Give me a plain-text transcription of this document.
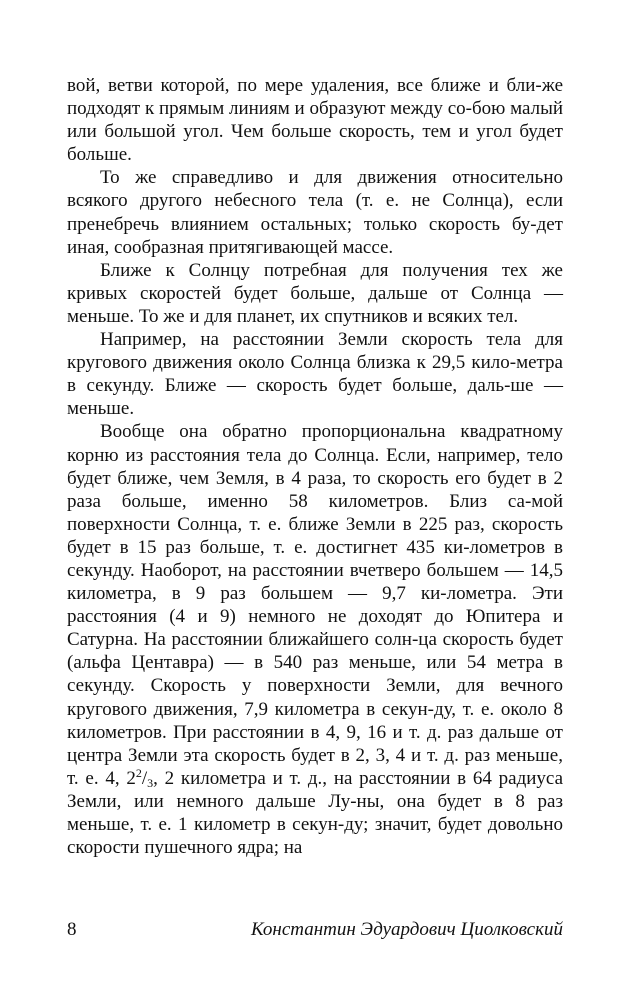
вой, ветви которой, по мере удаления, все ближе и бли-же подходят к прямым линиям и образуют между со-бою малый или большой угол. Чем больше скорость, тем и угол будет больше.

То же справедливо и для движения относительно всякого другого небесного тела (т. е. не Солнца), если пренебречь влиянием остальных; только скорость бу-дет иная, сообразная притягивающей массе.

Ближе к Солнцу потребная для получения тех же кривых скоростей будет больше, дальше от Солнца — меньше. То же и для планет, их спутников и всяких тел.

Например, на расстоянии Земли скорость тела для кругового движения около Солнца близка к 29,5 кило-метра в секунду. Ближе — скорость будет больше, даль-ше — меньше.

Вообще она обратно пропорциональна квадратному корню из расстояния тела до Солнца. Если, например, тело будет ближе, чем Земля, в 4 раза, то скорость его будет в 2 раза больше, именно 58 километров. Близ са-мой поверхности Солнца, т. е. ближе Земли в 225 раз, скорость будет в 15 раз больше, т. е. достигнет 435 ки-лометров в секунду. Наоборот, на расстоянии вчетверо большем — 14,5 километра, в 9 раз большем — 9,7 ки-лометра. Эти расстояния (4 и 9) немного не доходят до Юпитера и Сатурна. На расстоянии ближайшего солн-ца скорость будет (альфа Центавра) — в 540 раз меньше, или 54 метра в секунду. Скорость у поверхности Земли, для вечного кругового движения, 7,9 километра в секун-ду, т. е. около 8 километров. При расстоянии в 4, 9, 16 и т. д. раз дальше от центра Земли эта скорость будет в 2, 3, 4 и т. д. раз меньше, т. е. 4, $2^2/_3$, 2 километра и т. д., на расстоянии в 64 радиуса Земли, или немного дальше Лу-ны, она будет в 8 раз меньше, т. е. 1 километр в секун-ду; значит, будет довольно скорости пушечного ядра; на

8	Константин Эдуардович Циолковский
